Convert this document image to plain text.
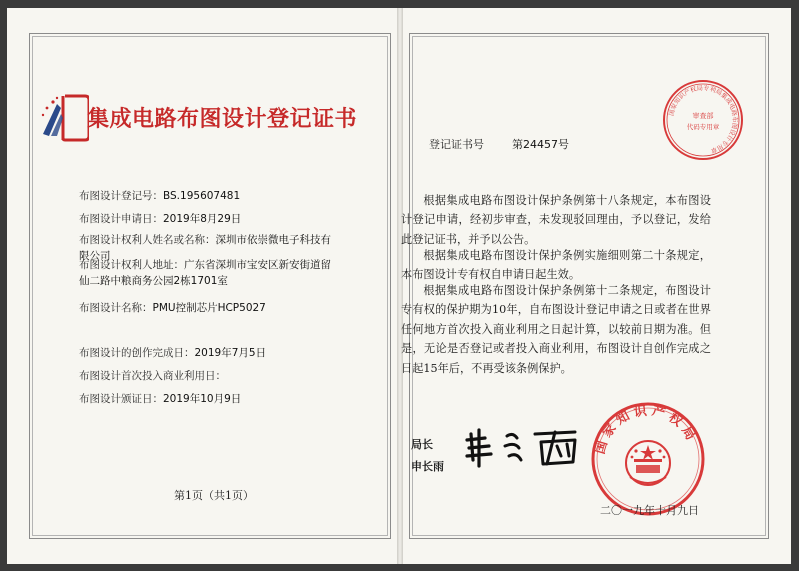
集成电路布图设计登记证书
布图设计登记号：BS.195607481
布图设计申请日：2019年8月29日
布图设计权利人姓名或名称：深圳市依崇微电子科技有限公司
布图设计权利人地址：广东省深圳市宝安区新安街道留仙二路中粮商务公园2栋1701室
布图设计名称：PMU控制芯片HCP5027
布图设计的创作完成日：2019年7月5日
布图设计首次投入商业利用日：
布图设计颁证日：2019年10月9日
第1页（共1页）
国家知识产权局专利局集成电路布图设计专用章
审查部
代码专用章
登记证书号	第24457号
根据集成电路布图设计保护条例第十八条规定，本布图设计登记申请，经初步审查，未发现驳回理由，予以登记，发给此登记证书，并予以公告。
根据集成电路布图设计保护条例实施细则第二十条规定，本布图设计专有权自申请日起生效。
根据集成电路布图设计保护条例第十二条规定，布图设计专有权的保护期为10年，自布图设计登记申请之日或者在世界任何地方首次投入商业利用之日起计算，以较前日期为准。但是，无论是否登记或者投入商业利用，布图设计自创作完成之日起15年后，不再受该条例保护。
局长
申长雨
国家知识产权局
二〇一九年十月九日
